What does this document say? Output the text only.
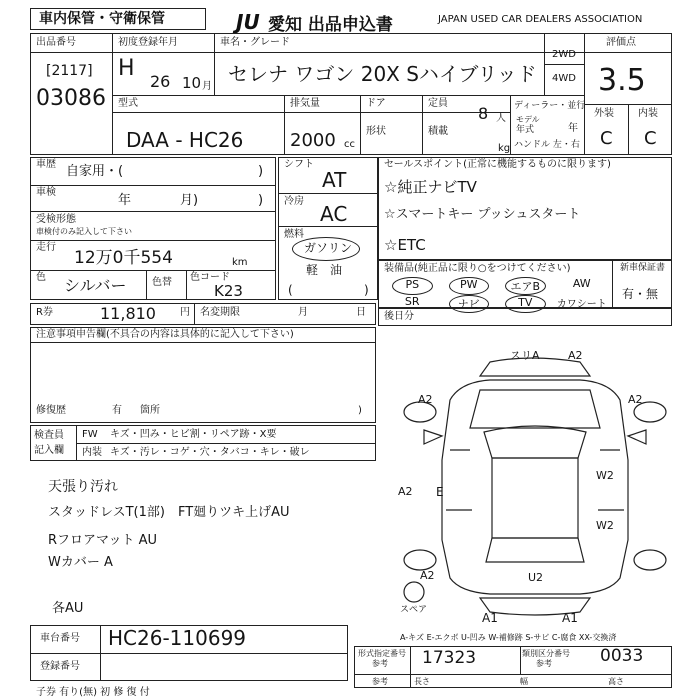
車内保管・守衛保管	JU 愛知 出品申込書	JAPAN USED CAR DEALERS ASSOCIATION
出品番号
[2117]
03086
初度登録年月
H
26 10 月
車名・グレード
セレナ ワゴン 20X Sハイブリッド
2WD
4WD
評価点
3.5
外装 内装
C C
型式
DAA - HC26
排気量
2000 cc
ドア
形状
定員
8 人
積載
kg
ディーラー・並行
モデル
年式	年
ハンドル 左・右
車歴 自家用・(	)
車検
年	月)	)
受検形態
車検付のみ記入して下さい
走行
12万0千554	km
色 シルバー	色替 色コード
K23
シフト
AT
冷房
AC
燃料
ガソリン
軽　油
(	)
セールスポイント(正常に機能するものに限ります)
☆純正ナビTV
☆スマートキー プッシュスタート
☆ETC
装備品(純正品に限り○をつけてください)	新車保証書
有・無
PS	PW	エアB	AW
SR	ナビ	TV	カワシート
R券	11,810 円 名変期限	月	日 後日分
注意事項申告欄(不具合の内容は具体的に記入して下さい)
修復歴	有 箇所	)
検査員
記入欄
FW キズ・凹み・ヒビ割・リペア跡・X要
内装 キズ・汚レ・コゲ・穴・タバコ・キレ・破レ
天張り汚れ
スタッドレスT(1部)　FT廻りツキ上げAU
Rフロアマット AU
Wカバー A
各AU
車台番号 HC26-110699
登録番号
子券 有り(無) 初 修 復 付
スリA	A2
A2	A2
W2
W2
A2
A2	U2
A1	A1
E
スペア
A-キズ E-エクボ U-凹み W-補修跡 S-サビ C-腐食 XX-交換済
形式指定番号
参考 17323	類別区分番号
参考	0033
参考	長さ	幅	高さ
